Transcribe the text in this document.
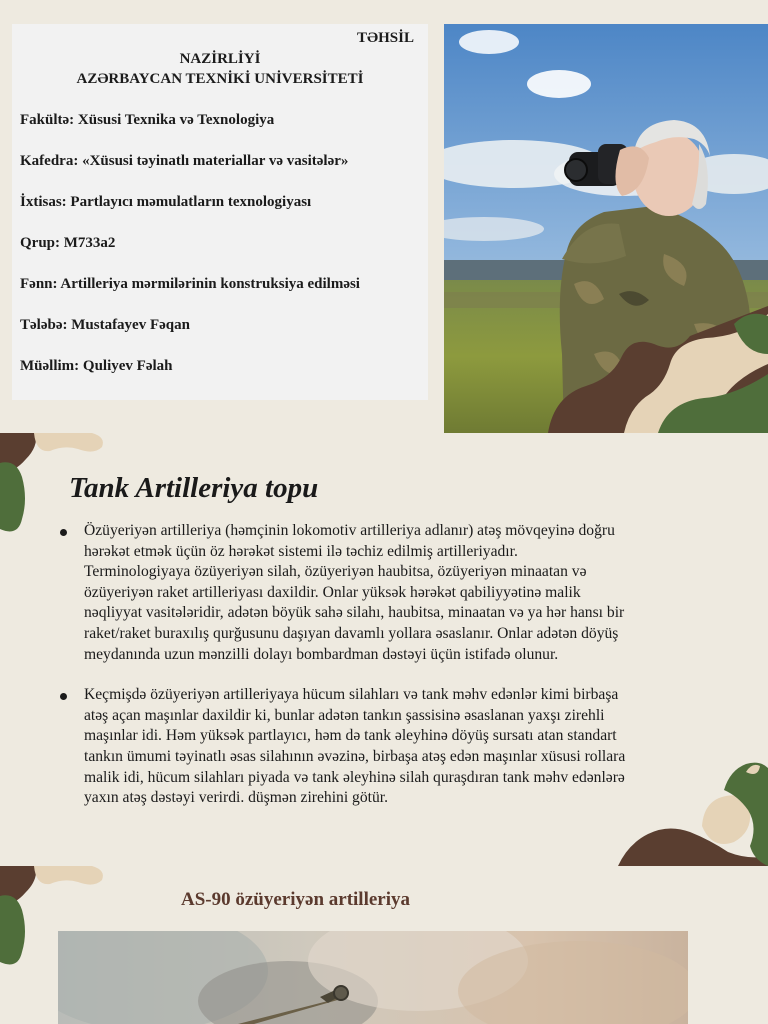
TƏHSİL
NAZİRLİYİ
AZƏRBAYCAN TEXNİKİ UNİVERSİTETİ
Fakültə: Xüsusi Texnika və Texnologiya
Kafedra: «Xüsusi təyinatlı materiallar və vasitələr»
İxtisas: Partlayıcı məmulatların texnologiyası
Qrup: M733a2
Fənn: Artilleriya mərmilərinin konstruksiya edilməsi
Tələbə: Mustafayev Fəqan
Müəllim: Quliyev Fəlah
Tank Artilleriya topu
Özüyeriyən artilleriya (həmçinin lokomotiv artilleriya adlanır) atəş mövqeyinə doğru hərəkət etmək üçün öz hərəkət sistemi ilə təchiz edilmiş artilleriyadır. Terminologiyaya özüyeriyən silah, özüyeriyən haubitsa, özüyeriyən minaatan və özüyeriyən raket artilleriyası daxildir. Onlar yüksək hərəkət qabiliyyətinə malik nəqliyyat vasitələridir, adətən böyük sahə silahı, haubitsa, minaatan və ya hər hansı bir raket/raket buraxılış qurğusunu daşıyan davamlı yollara əsaslanır. Onlar adətən döyüş meydanında uzun mənzilli dolayı bombardman dəstəyi üçün istifadə olunur.
Keçmişdə özüyeriyən artilleriyaya hücum silahları və tank məhv edənlər kimi birbaşa atəş açan maşınlar daxildir ki, bunlar adətən tankın şassisinə əsaslanan yaxşı zirehli maşınlar idi. Həm yüksək partlayıcı, həm də tank əleyhinə döyüş sursatı atan standart tankın ümumi təyinatlı əsas silahının əvəzinə, birbaşa atəş edən maşınlar xüsusi rollara malik idi, hücum silahları piyada və tank əleyhinə silah quraşdıran tank məhv edənlərə yaxın atəş dəstəyi verirdi. düşmən zirehini götür.
AS-90 özüyeriyən artilleriya
